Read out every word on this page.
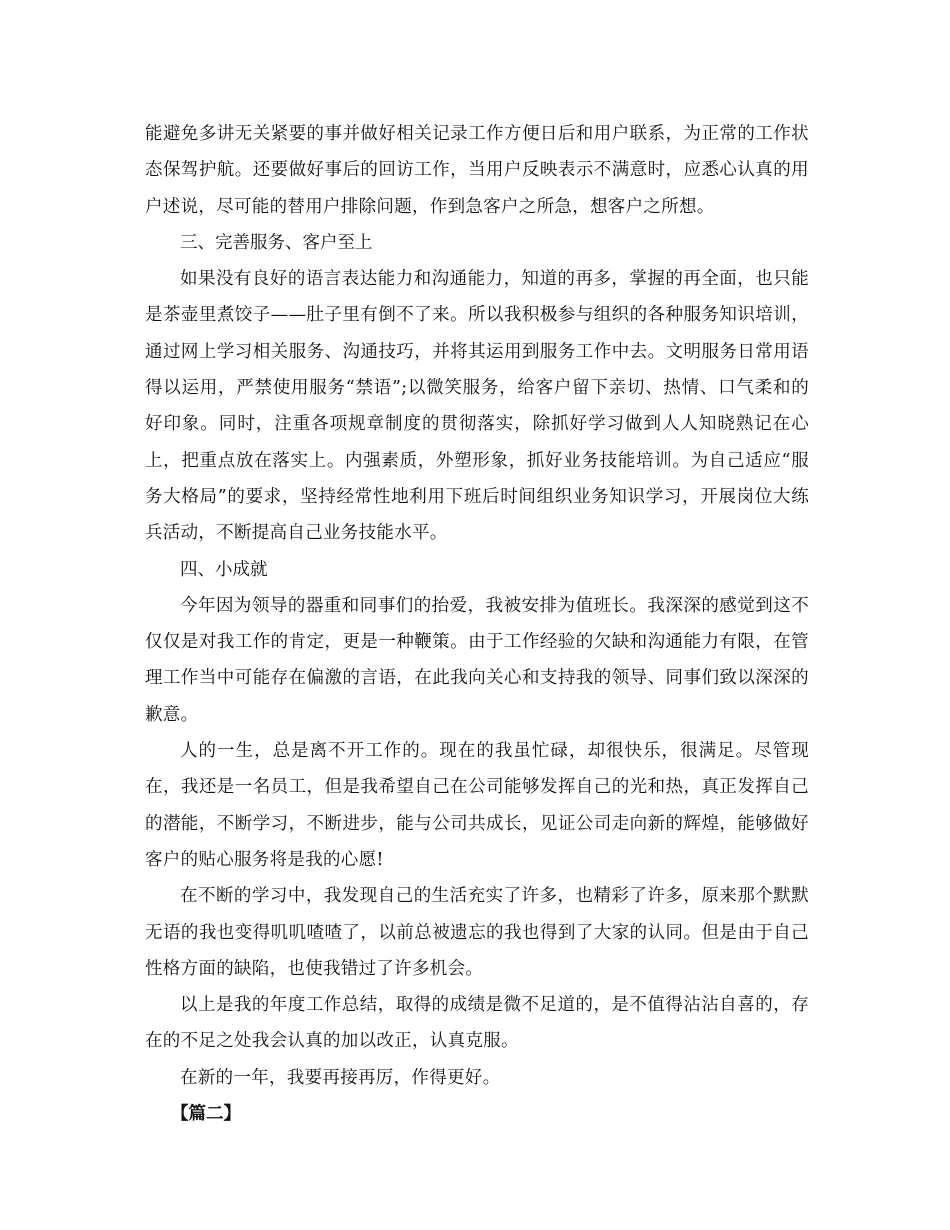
能避免多讲无关紧要的事并做好相关记录工作方便日后和用户联系，为正常的工作状态保驾护航。还要做好事后的回访工作，当用户反映表示不满意时，应悉心认真的用户述说，尽可能的替用户排除问题，作到急客户之所急，想客户之所想。

三、完善服务、客户至上

如果没有良好的语言表达能力和沟通能力，知道的再多，掌握的再全面，也只能是茶壶里煮饺子——肚子里有倒不了来。所以我积极参与组织的各种服务知识培训，通过网上学习相关服务、沟通技巧，并将其运用到服务工作中去。文明服务日常用语得以运用，严禁使用服务“禁语”;以微笑服务，给客户留下亲切、热情、口气柔和的好印象。同时，注重各项规章制度的贯彻落实，除抓好学习做到人人知晓熟记在心上，把重点放在落实上。内强素质，外塑形象，抓好业务技能培训。为自己适应“服务大格局”的要求，坚持经常性地利用下班后时间组织业务知识学习，开展岗位大练兵活动，不断提高自己业务技能水平。

四、小成就

今年因为领导的器重和同事们的抬爱，我被安排为值班长。我深深的感觉到这不仅仅是对我工作的肯定，更是一种鞭策。由于工作经验的欠缺和沟通能力有限，在管理工作当中可能存在偏激的言语，在此我向关心和支持我的领导、同事们致以深深的歉意。

人的一生，总是离不开工作的。现在的我虽忙碌，却很快乐，很满足。尽管现在，我还是一名员工，但是我希望自己在公司能够发挥自己的光和热，真正发挥自己的潜能，不断学习，不断进步，能与公司共成长，见证公司走向新的辉煌，能够做好客户的贴心服务将是我的心愿!

在不断的学习中，我发现自己的生活充实了许多，也精彩了许多，原来那个默默无语的我也变得叽叽喳喳了，以前总被遗忘的我也得到了大家的认同。但是由于自己性格方面的缺陷，也使我错过了许多机会。

以上是我的年度工作总结，取得的成绩是微不足道的，是不值得沾沾自喜的，存在的不足之处我会认真的加以改正，认真克服。

在新的一年，我要再接再厉，作得更好。

【篇二】
